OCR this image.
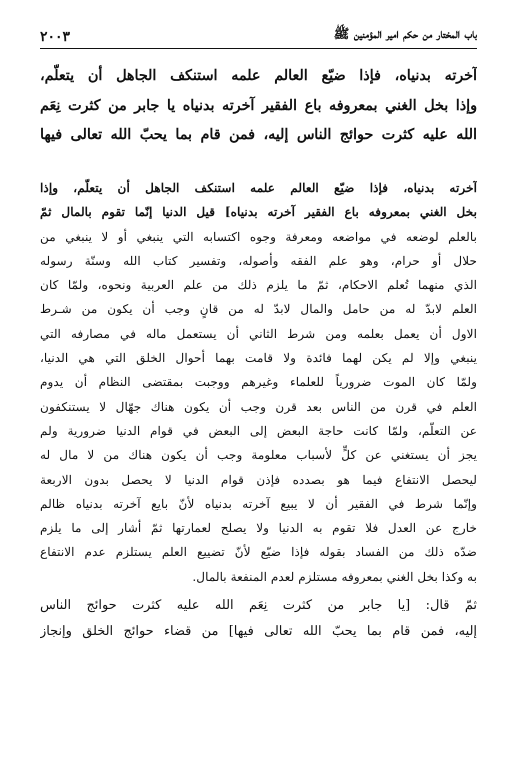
٢٠٠٣	باب المختار من حكم امير المؤمنين ﷺ
آخرته بدنياه، فإذا ضيّع العالم علمه استنكف الجاهل أن يتعلّم،
وإذا بخل الغني بمعروفه باع الفقير آخرته بدنياه يا جابر من كثرت نِعَم
الله عليه كثرت حوائج الناس إليه، فمن قام بما يحبّ الله تعالى فيها
آخرته بدنياه، فإذا ضيّع العالم علمه استنكف الجاهل أن يتعلّم، وإذا
بخل الغني بمعروفه باع الفقير آخرته بدنياه] قيل الدنيا إنّما تقوم بالمال ثمّ
بالعلم لوضعه في مواضعه ومعرفة وجوه اكتسابه التي ينبغي أو لا ينبغي من
حلال أو حرام، وهو علم الفقه وأصوله، وتفسير كتاب الله وسنّة رسوله
الذي منهما تُعلم الاحكام، ثمّ ما يلزم ذلك من علم العربية ونحوه، ولمّا كان
العلم لابدّ له من حامل والمال لابدّ له من قانٍ وجب أن يكون من شـرط
الاول أن يعمل بعلمه ومن شرط الثاني أن يستعمل ماله في مصارفه التي
ينبغي وإلا لم يكن لهما فائدة ولا قامت بهما أحوال الخلق التي هي الدنيا،
ولمّا كان الموت ضرورياً للعلماء وغيرهم ووجبت بمقتضى النظام أن يدوم
العلم في قرن من الناس بعد قرن وجب أن يكون هناك جهّال لا يستنكفون
عن التعلّم، ولمّا كانت حاجة البعض إلى البعض في قوام الدنيا ضرورية ولم
يجز أن يستغني عن كلٍّ لأسباب معلومة وجب أن يكون هناك من لا مال له
ليحصل الانتفاع فيما هو بصدده فإذن قوام الدنيا لا يحصل بدون الاربعة
وإنّما شرط في الفقير أن لا يبيع آخرته بدنياه لأنّ بايع آخرته بدنياه ظالم
خارج عن العدل فلا تقوم به الدنيا ولا يصلح لعمارتها ثمّ أشار إلى ما يلزم
ضدّه ذلك من الفساد بقوله فإذا ضيّع لأنّ تضييع العلم يستلزم عدم الانتفاع
به وكذا بخل الغني بمعروفه مستلزم لعدم المنفعة بالمال.
ثمّ قال: [يا جابر من كثرت نِعَم الله عليه كثرت حوائج الناس
إليه، فمن قام بما يحبّ الله تعالى فيها] من قضاء حوائج الخلق وإنجاز
